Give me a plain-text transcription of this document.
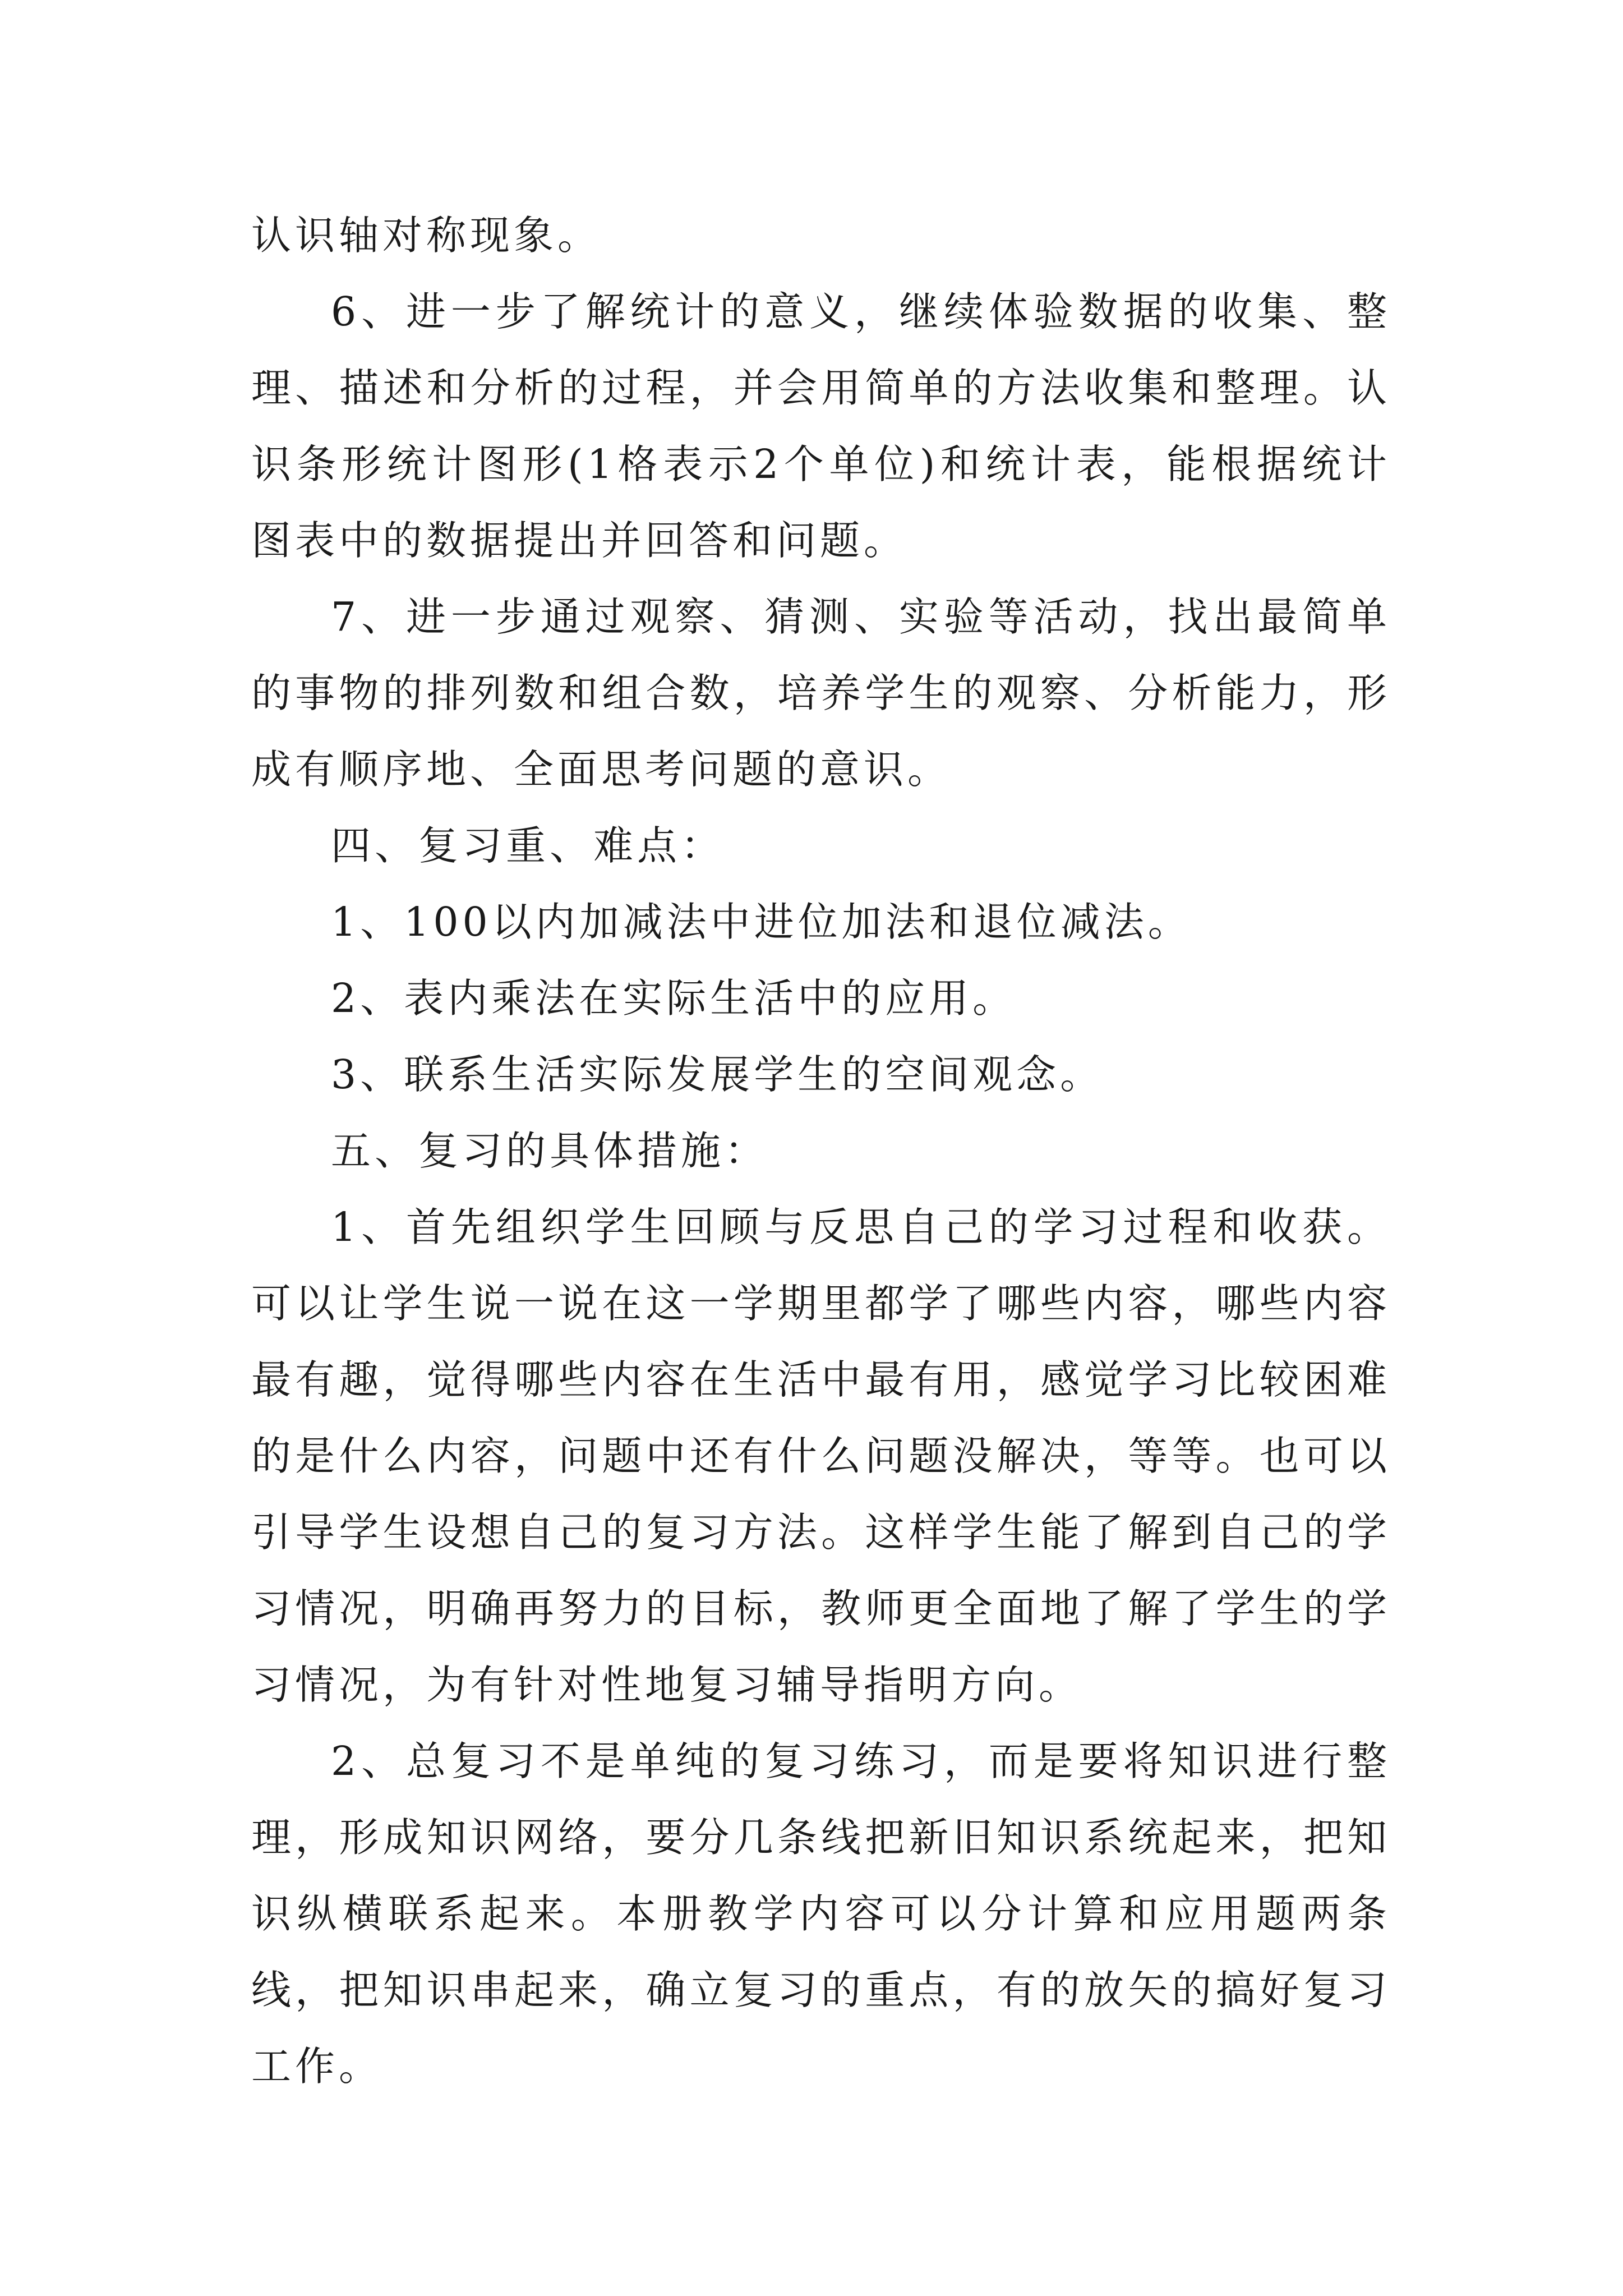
认识轴对称现象。

6、进一步了解统计的意义，继续体验数据的收集、整理、描述和分析的过程，并会用简单的方法收集和整理。认识条形统计图形(1格表示2个单位)和统计表，能根据统计图表中的数据提出并回答和问题。

7、进一步通过观察、猜测、实验等活动，找出最简单的事物的排列数和组合数，培养学生的观察、分析能力，形成有顺序地、全面思考问题的意识。

四、复习重、难点：

1、100以内加减法中进位加法和退位减法。

2、表内乘法在实际生活中的应用。

3、联系生活实际发展学生的空间观念。

五、复习的具体措施：

1、首先组织学生回顾与反思自己的学习过程和收获。可以让学生说一说在这一学期里都学了哪些内容，哪些内容最有趣，觉得哪些内容在生活中最有用，感觉学习比较困难的是什么内容，问题中还有什么问题没解决，等等。也可以引导学生设想自己的复习方法。这样学生能了解到自己的学习情况，明确再努力的目标，教师更全面地了解了学生的学习情况，为有针对性地复习辅导指明方向。

2、总复习不是单纯的复习练习，而是要将知识进行整理，形成知识网络，要分几条线把新旧知识系统起来，把知识纵横联系起来。本册教学内容可以分计算和应用题两条线，把知识串起来，确立复习的重点，有的放矢的搞好复习工作。
